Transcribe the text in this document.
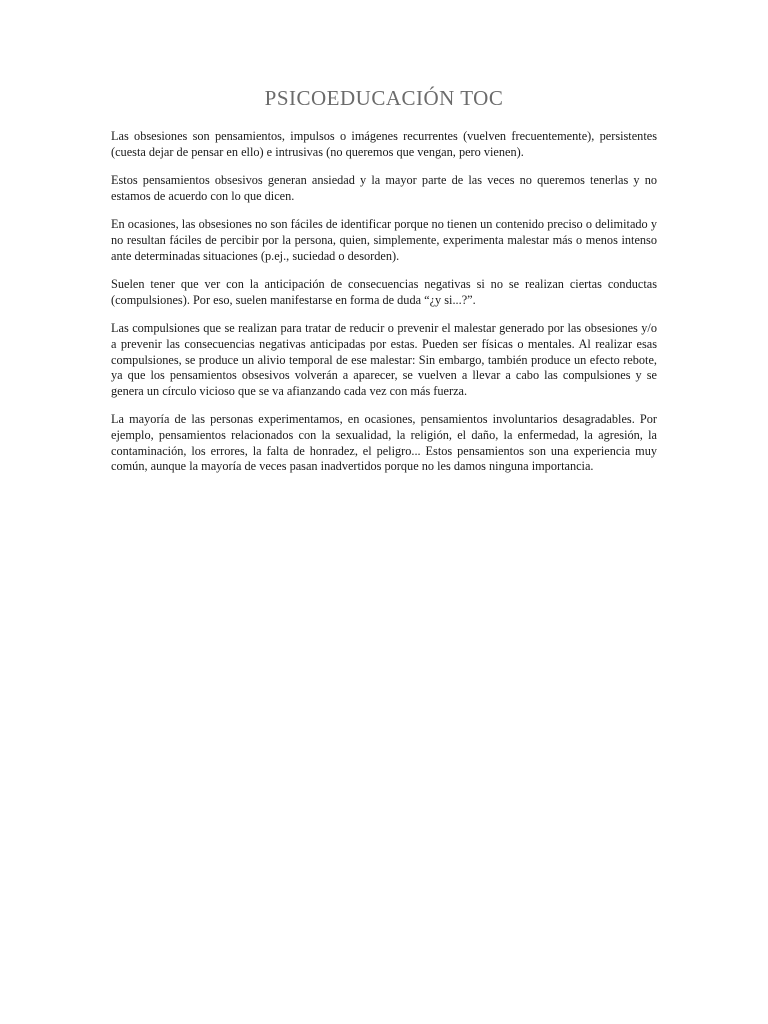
PSICOEDUCACIÓN TOC

Las obsesiones son pensamientos, impulsos o imágenes recurrentes (vuelven frecuentemente), persistentes (cuesta dejar de pensar en ello) e intrusivas (no queremos que vengan, pero vienen).

Estos pensamientos obsesivos generan ansiedad y la mayor parte de las veces no queremos tenerlas y no estamos de acuerdo con lo que dicen.

En ocasiones, las obsesiones no son fáciles de identificar porque no tienen un contenido preciso o delimitado y no resultan fáciles de percibir por la persona, quien, simplemente, experimenta malestar más o menos intenso ante determinadas situaciones (p.ej., suciedad o desorden).

Suelen tener que ver con la anticipación de consecuencias negativas si no se realizan ciertas conductas (compulsiones). Por eso, suelen manifestarse en forma de duda “¿y si...?”.

Las compulsiones que se realizan para tratar de reducir o prevenir el malestar generado por las obsesiones y/o a prevenir las consecuencias negativas anticipadas por estas. Pueden ser físicas o mentales. Al realizar esas compulsiones, se produce un alivio temporal de ese malestar: Sin embargo, también produce un efecto rebote, ya que los pensamientos obsesivos volverán a aparecer, se vuelven a llevar a cabo las compulsiones y se genera un círculo vicioso que se va afianzando cada vez con más fuerza.

La mayoría de las personas experimentamos, en ocasiones, pensamientos involuntarios desagradables. Por ejemplo, pensamientos relacionados con la sexualidad, la religión, el daño, la enfermedad, la agresión, la contaminación, los errores, la falta de honradez, el peligro... Estos pensamientos son una experiencia muy común, aunque la mayoría de veces pasan inadvertidos porque no les damos ninguna importancia.
